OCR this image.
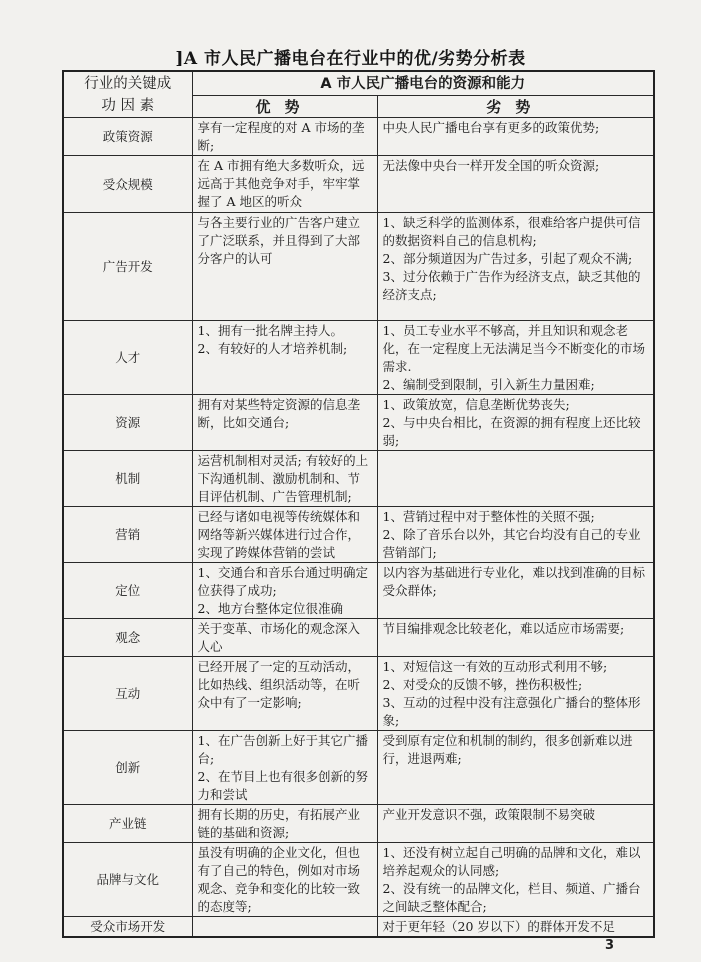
]A 市人民广播电台在行业中的优/劣势分析表
行业的关键成
功 因 素	A 市人民广播电台的资源和能力	
	优势	劣势
政策资源	享有一定程度的对 A 市场的垄断;	中央人民广播电台享有更多的政策优势;

受众规模	在 A 市拥有绝大多数听众，远远高于其他竞争对手，牢牢掌握了 A 地区的听众	无法像中央台一样开发全国的听众资源;

广告开发	与各主要行业的广告客户建立了广泛联系，并且得到了大部分客户的认可	1、缺乏科学的监测体系，很难给客户提供可信的数据资料自己的信息机构;
2、部分频道因为广告过多，引起了观众不满;
3、过分依赖于广告作为经济支点，缺乏其他的经济支点;

人才	1、拥有一批名牌主持人。
2、有较好的人才培养机制;	1、员工专业水平不够高，并且知识和观念老化，在一定程度上无法满足当今不断变化的市场需求.
2、编制受到限制，引入新生力量困难;

资源	拥有对某些特定资源的信息垄断，比如交通台;	1、政策放宽，信息垄断优势丧失;
2、与中央台相比，在资源的拥有程度上还比较弱;

机制	运营机制相对灵活; 有较好的上下沟通机制、激励机制和、节目评估机制、广告管理机制;	

营销	已经与诸如电视等传统媒体和网络等新兴媒体进行过合作，实现了跨媒体营销的尝试	1、营销过程中对于整体性的关照不强;
2、除了音乐台以外，其它台均没有自己的专业营销部门;

定位	1、交通台和音乐台通过明确定位获得了成功;
2、地方台整体定位很准确	以内容为基础进行专业化，难以找到准确的目标受众群体;

观念	关于变革、市场化的观念深入人心	节目编排观念比较老化，难以适应市场需要;

互动	已经开展了一定的互动活动，比如热线、组织活动等，在听众中有了一定影响;	1、对短信这一有效的互动形式利用不够;
2、对受众的反馈不够，挫伤积极性;
3、互动的过程中没有注意强化广播台的整体形象;

创新	1、在广告创新上好于其它广播台;
2、在节目上也有很多创新的努力和尝试	受到原有定位和机制的制约，很多创新难以进行，进退两难;

产业链	拥有长期的历史，有拓展产业链的基础和资源;	产业开发意识不强，政策限制不易突破

品牌与文化	虽没有明确的企业文化，但也有了自己的特色，例如对市场观念、竞争和变化的比较一致的态度等;	1、还没有树立起自己明确的品牌和文化，难以培养起观众的认同感;
2、没有统一的品牌文化，栏目、频道、广播台之间缺乏整体配合;

受众市场开发		对于更年轻（20 岁以下）的群体开发不足
3
